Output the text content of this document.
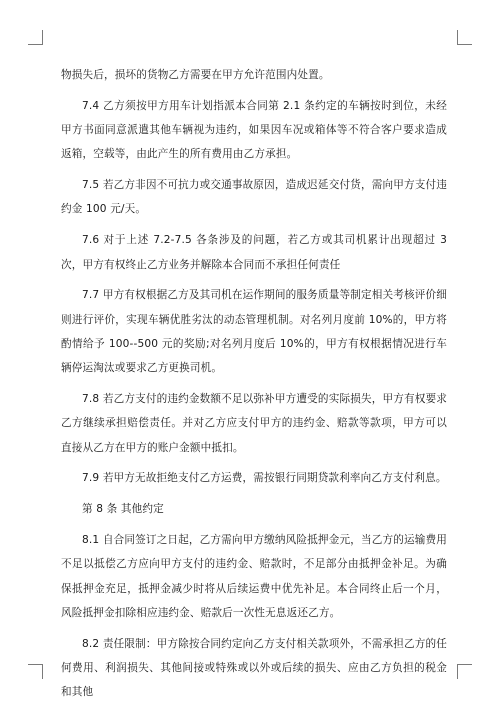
物损失后，损坏的货物乙方需要在甲方允许范围内处置。

7.4 乙方须按甲方用车计划指派本合同第 2.1 条约定的车辆按时到位，未经甲方书面同意派遣其他车辆视为违约，如果因车况或箱体等不符合客户要求造成返箱，空载等，由此产生的所有费用由乙方承担。

7.5 若乙方非因不可抗力或交通事故原因，造成迟延交付货，需向甲方支付违约金 100 元/天。

7.6 对于上述 7.2-7.5 各条涉及的问题，若乙方或其司机累计出现超过 3 次，甲方有权终止乙方业务并解除本合同而不承担任何责任

7.7 甲方有权根据乙方及其司机在运作期间的服务质量等制定相关考核评价细则进行评价，实现车辆优胜劣汰的动态管理机制。对名列月度前 10%的，甲方将酌情给予 100--500 元的奖励;对名列月度后 10%的，甲方有权根据情况进行车辆停运淘汰或要求乙方更换司机。

7.8 若乙方支付的违约金数额不足以弥补甲方遭受的实际损失，甲方有权要求乙方继续承担赔偿责任。并对乙方应支付甲方的违约金、赔款等款项，甲方可以直接从乙方在甲方的账户金额中抵扣。

7.9 若甲方无故拒绝支付乙方运费，需按银行同期贷款利率向乙方支付利息。

第 8 条 其他约定

8.1 自合同签订之日起，乙方需向甲方缴纳风险抵押金元，当乙方的运输费用不足以抵偿乙方应向甲方支付的违约金、赔款时，不足部分由抵押金补足。为确保抵押金充足，抵押金减少时将从后续运费中优先补足。本合同终止后一个月，风险抵押金扣除相应违约金、赔款后一次性无息返还乙方。

8.2 责任限制：甲方除按合同约定向乙方支付相关款项外，不需承担乙方的任何费用、利润损失、其他间接或特殊或以外或后续的损失、应由乙方负担的税金和其他
